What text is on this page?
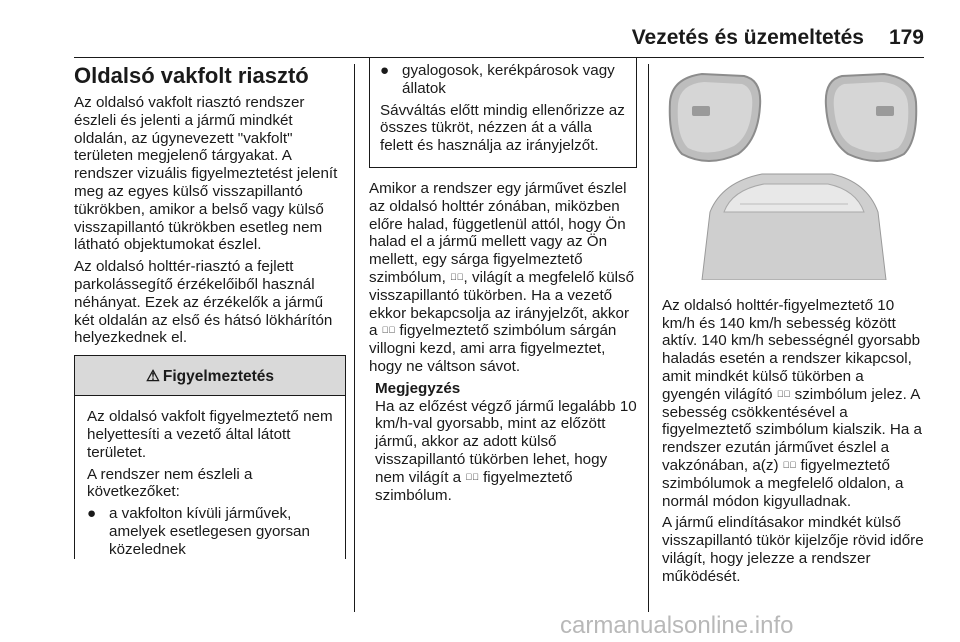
Vezetés és üzemeltetés 179
Oldalsó vakfolt riasztó

Az oldalsó vakfolt riasztó rendszer észleli és jelenti a jármű mindkét oldalán, az úgynevezett "vakfolt" területen megjelenő tárgyakat. A rendszer vizuális figyelmeztetést jelenít meg az egyes külső visszapillantó tükrökben, amikor a belső vagy külső visszapillantó tükrökben esetleg nem látható objektumokat észlel.

Az oldalsó holttér-riasztó a fejlett parkolássegítő érzékelőiből használ néhányat. Ezek az érzékelők a jármű két oldalán az első és hátsó lökhárítón helyezkednek el.

⚠ Figyelmeztetés

Az oldalsó vakfolt figyelmeztető nem helyettesíti a vezető által látott területet.

A rendszer nem észleli a következőket:

● a vakfolton kívüli járművek, amelyek esetlegesen gyorsan közelednek
● gyalogosok, kerékpárosok vagy állatok

Sávváltás előtt mindig ellenőrizze az összes tükröt, nézzen át a válla felett és használja az irányjelzőt.

Amikor a rendszer egy járművet észlel az oldalsó holttér zónában, miközben előre halad, függetlenül attól, hogy Ön halad el a jármű mellett vagy az Ön mellett, egy sárga figyelmeztető szimbólum, ⋰⃞, világít a megfelelő külső visszapillantó tükörben. Ha a vezető ekkor bekapcsolja az irányjelzőt, akkor a ⋰⃞ figyelmeztető szimbólum sárgán villogni kezd, ami arra figyelmeztet, hogy ne váltson sávot.

Megjegyzés

Ha az előzést végző jármű legalább 10 km/h-val gyorsabb, mint az előzött jármű, akkor az adott külső visszapillantó tükörben lehet, hogy nem világít a ⋰⃞ figyelmeztető szimbólum.

Az oldalsó holttér-figyelmeztető 10 km/h és 140 km/h sebesség között aktív. 140 km/h sebességnél gyorsabb haladás esetén a rendszer kikapcsol, amit mindkét külső tükörben a gyengén világító ⋰⃞ szimbólum jelez. A sebesség csökkentésével a figyelmeztető szimbólum kialszik. Ha a rendszer ezután járművet észlel a vakzónában, a(z) ⋰⃞ figyelmeztető szimbólumok a megfelelő oldalon, a normál módon kigyulladnak.

A jármű elindításakor mindkét külső visszapillantó tükör kijelzője rövid időre világít, hogy jelezze a rendszer működését.

carmanualsonline.info
